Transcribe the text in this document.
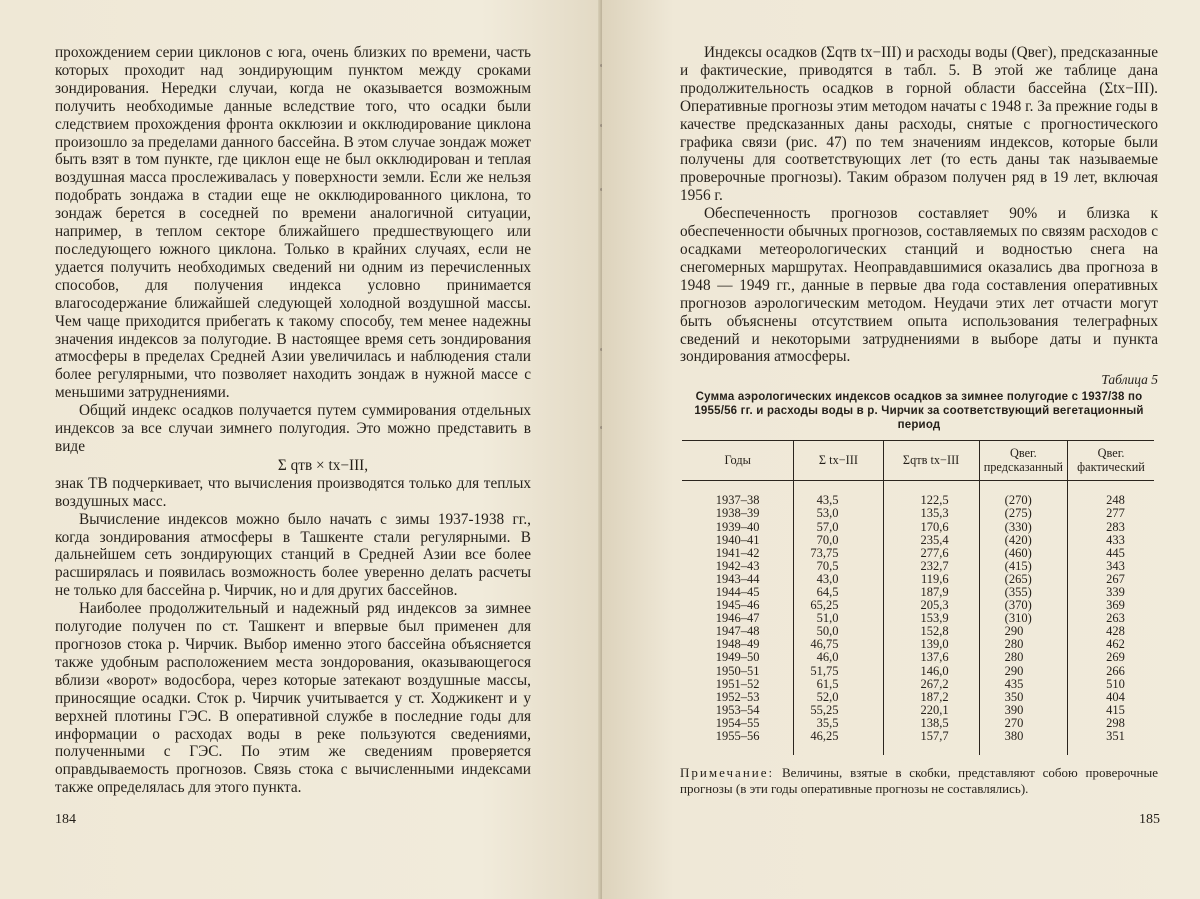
прохождением серии циклонов с юга, очень близких по времени, часть которых проходит над зондирующим пунктом между сроками зондирования. Нередки случаи, когда не оказывается возможным получить необходимые данные вследствие того, что осадки были следствием прохождения фронта окклюзии и окклюдирование циклона произошло за пределами данного бассейна. В этом случае зондаж может быть взят в том пункте, где циклон еще не был окклюдирован и теплая воздушная масса прослеживалась у поверхности земли. Если же нельзя подобрать зондажа в стадии еще не окклюдированного циклона, то зондаж берется в соседней по времени аналогичной ситуации, например, в теплом секторе ближайшего предшествующего или последующего южного циклона. Только в крайних случаях, если не удается получить необходимых сведений ни одним из перечисленных способов, для получения индекса условно принимается влагосодержание ближайшей следующей холодной воздушной массы. Чем чаще приходится прибегать к такому способу, тем менее надежны значения индексов за полугодие. В настоящее время сеть зондирования атмосферы в пределах Средней Азии увеличилась и наблюдения стали более регулярными, что позволяет находить зондаж в нужной массе с меньшими затруднениями.

Общий индекс осадков получается путем суммирования отдельных индексов за все случаи зимнего полугодия. Это можно представить в виде

Σ qтв × tх−III,

знак ТВ подчеркивает, что вычисления производятся только для теплых воздушных масс.

Вычисление индексов можно было начать с зимы 1937-1938 гг., когда зондирования атмосферы в Ташкенте стали регулярными. В дальнейшем сеть зондирующих станций в Средней Азии все более расширялась и появилась возможность более уверенно делать расчеты не только для бассейна р. Чирчик, но и для других бассейнов.

Наиболее продолжительный и надежный ряд индексов за зимнее полугодие получен по ст. Ташкент и впервые был применен для прогнозов стока р. Чирчик. Выбор именно этого бассейна объясняется также удобным расположением места зондорования, оказывающегося вблизи «ворот» водосбора, через которые затекают воздушные массы, приносящие осадки. Сток р. Чирчик учитывается у ст. Ходжикент и у верхней плотины ГЭС. В оперативной службе в последние годы для информации о расходах воды в реке пользуются сведениями, полученными с ГЭС. По этим же сведениям проверяется оправдываемость прогнозов. Связь стока с вычисленными индексами также определялась для этого пункта.

184

Индексы осадков (Σqтв tх−III) и расходы воды (Qвег), предсказанные и фактические, приводятся в табл. 5. В этой же таблице дана продолжительность осадков в горной области бассейна (Σtх−III). Оперативные прогнозы этим методом начаты с 1948 г. За прежние годы в качестве предсказанных даны расходы, снятые с прогностического графика связи (рис. 47) по тем значениям индексов, которые были получены для соответствующих лет (то есть даны так называемые проверочные прогнозы). Таким образом получен ряд в 19 лет, включая 1956 г.

Обеспеченность прогнозов составляет 90% и близка к обеспеченности обычных прогнозов, составляемых по связям расходов с осадками метеорологических станций и водностью снега на снегомерных маршрутах. Неоправдавшимися оказались два прогноза в 1948 — 1949 гг., данные в первые два года составления оперативных прогнозов аэрологическим методом. Неудачи этих лет отчасти могут быть объяснены отсутствием опыта использования телеграфных сведений и некоторыми затруднениями в выборе даты и пункта зондирования атмосферы.

Таблица 5
Сумма аэрологических индексов осадков за зимнее полугодие с 1937/38 по 1955/56 гг. и расходы воды в р. Чирчик за соответствующий вегетационный период
Годы	Σ tх−III	Σqтв tх−III	Qвег. предсказанный	Qвег. фактический
1937–38	43,5	122,5	(270)	248
1938–39	53,0	135,3	(275)	277
1939–40	57,0	170,6	(330)	283
1940–41	70,0	235,4	(420)	433
1941–42	73,75	277,6	(460)	445
1942–43	70,5	232,7	(415)	343
1943–44	43,0	119,6	(265)	267
1944–45	64,5	187,9	(355)	339
1945–46	65,25	205,3	(370)	369
1946–47	51,0	153,9	(310)	263
1947–48	50,0	152,8	290	428
1948–49	46,75	139,0	280	462
1949–50	46,0	137,6	280	269
1950–51	51,75	146,0	290	266
1951–52	61,5	267,2	435	510
1952–53	52,0	187,2	350	404
1953–54	55,25	220,1	390	415
1954–55	35,5	138,5	270	298
1955–56	46,25	157,7	380	351
Примечание: Величины, взятые в скобки, представляют собою проверочные прогнозы (в эти годы оперативные прогнозы не составлялись).
185
